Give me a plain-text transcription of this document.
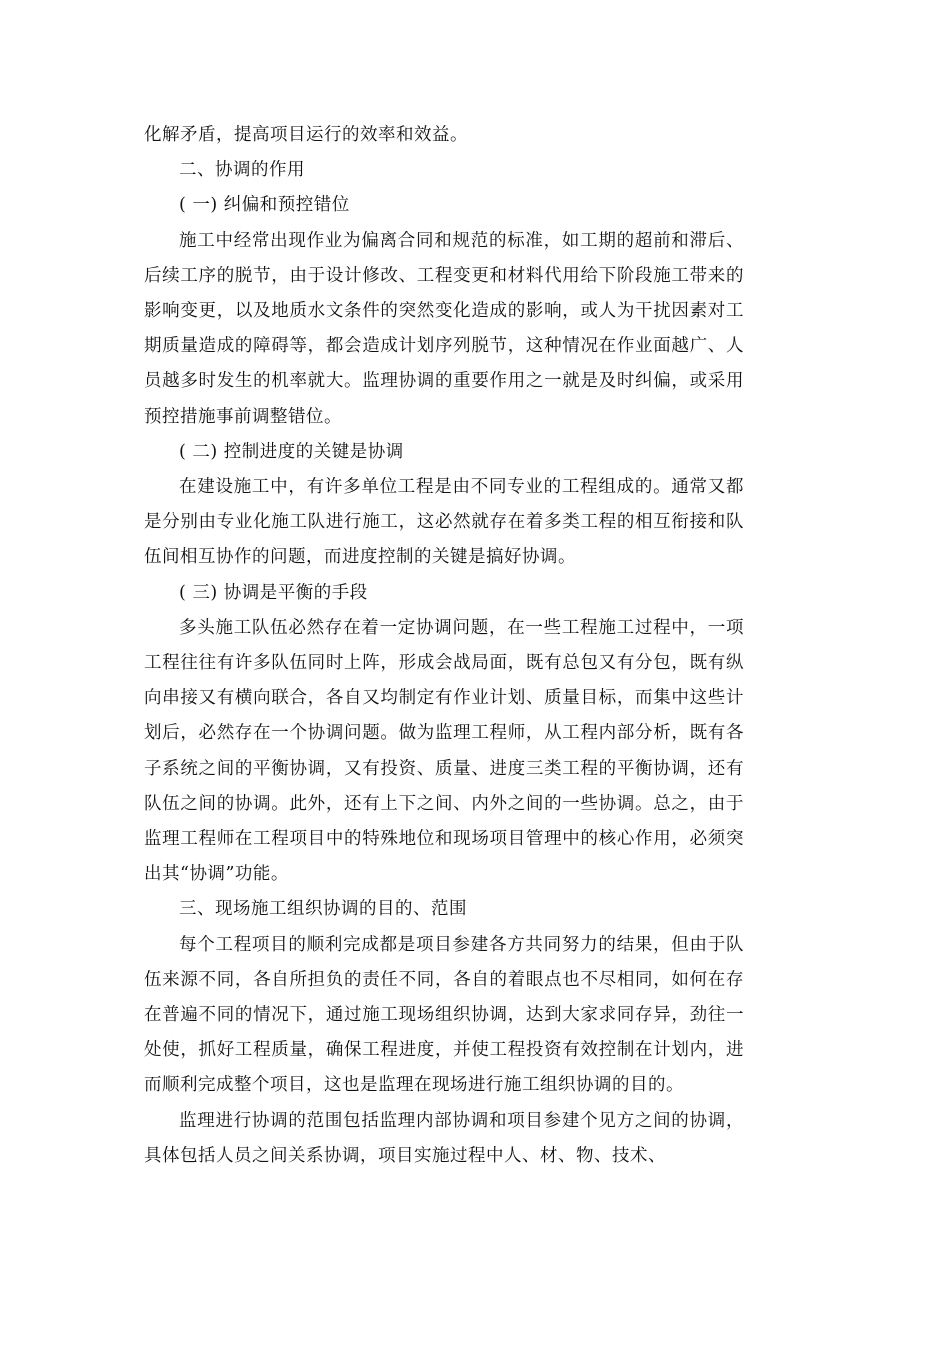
化解矛盾，提高项目运行的效率和效益。

二、协调的作用

( 一) 纠偏和预控错位

施工中经常出现作业为偏离合同和规范的标准，如工期的超前和滞后、后续工序的脱节，由于设计修改、工程变更和材料代用给下阶段施工带来的影响变更，以及地质水文条件的突然变化造成的影响，或人为干扰因素对工期质量造成的障碍等，都会造成计划序列脱节，这种情况在作业面越广、人员越多时发生的机率就大。监理协调的重要作用之一就是及时纠偏，或采用预控措施事前调整错位。

( 二) 控制进度的关键是协调

在建设施工中，有许多单位工程是由不同专业的工程组成的。通常又都是分别由专业化施工队进行施工，这必然就存在着多类工程的相互衔接和队伍间相互协作的问题，而进度控制的关键是搞好协调。

( 三) 协调是平衡的手段

多头施工队伍必然存在着一定协调问题，在一些工程施工过程中，一项工程往往有许多队伍同时上阵，形成会战局面，既有总包又有分包，既有纵向串接又有横向联合，各自又均制定有作业计划、质量目标，而集中这些计划后，必然存在一个协调问题。做为监理工程师，从工程内部分析，既有各子系统之间的平衡协调，又有投资、质量、进度三类工程的平衡协调，还有队伍之间的协调。此外，还有上下之间、内外之间的一些协调。总之，由于监理工程师在工程项目中的特殊地位和现场项目管理中的核心作用，必须突出其“协调”功能。

三、现场施工组织协调的目的、范围

每个工程项目的顺利完成都是项目参建各方共同努力的结果，但由于队伍来源不同，各自所担负的责任不同，各自的着眼点也不尽相同，如何在存在普遍不同的情况下，通过施工现场组织协调，达到大家求同存异，劲往一处使，抓好工程质量，确保工程进度，并使工程投资有效控制在计划内，进而顺利完成整个项目，这也是监理在现场进行施工组织协调的目的。

监理进行协调的范围包括监理内部协调和项目参建个见方之间的协调，具体包括人员之间关系协调，项目实施过程中人、材、物、技术、
